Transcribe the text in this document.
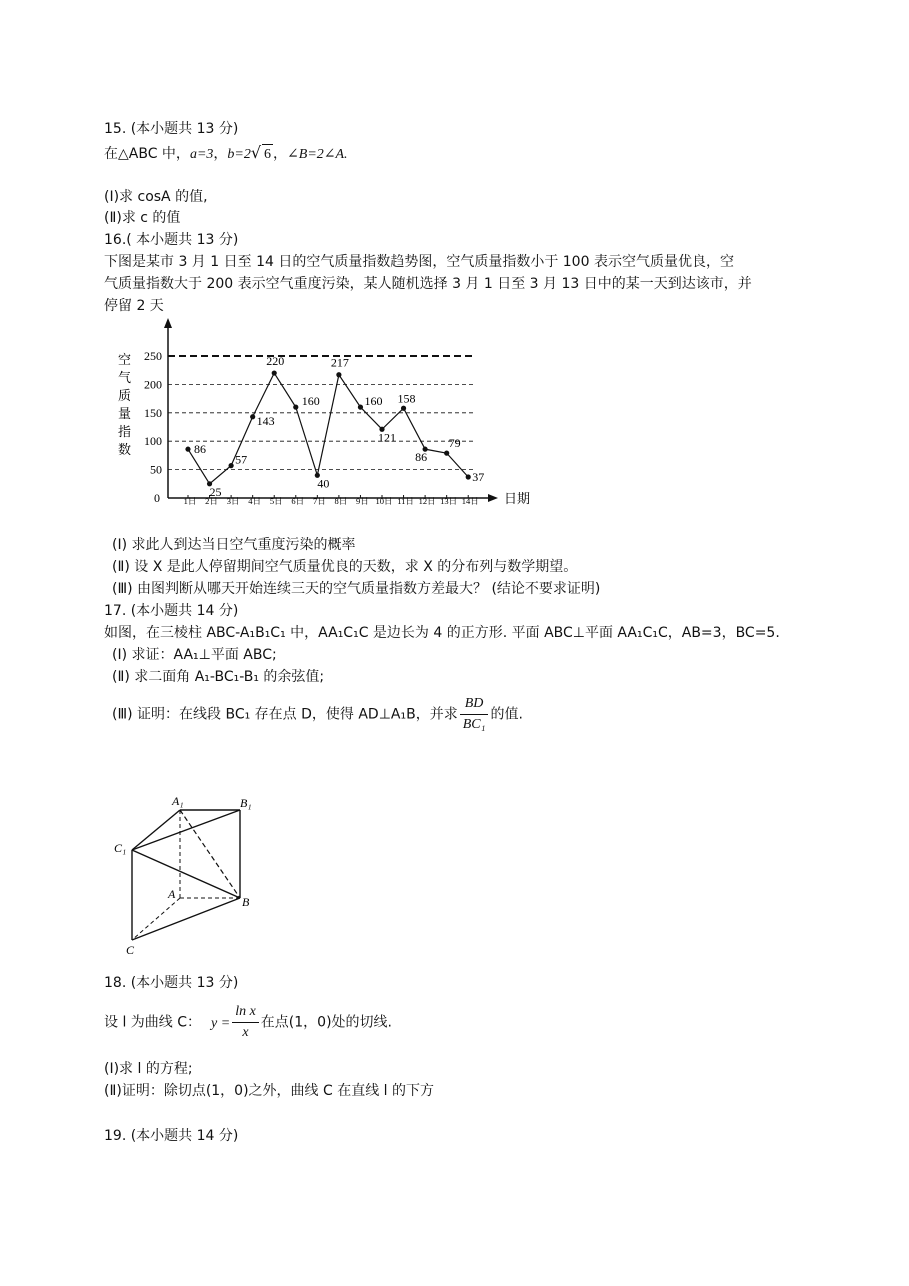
15. (本小题共 13 分)
在△ABC 中，a=3，b=2√ 6 ，∠B=2∠A.
(Ⅰ)求 cosA 的值,
(Ⅱ)求 c 的值
16.( 本小题共 13 分)
下图是某市 3 月 1 日至 14 日的空气质量指数趋势图，空气质量指数小于 100 表示空气质量优良，空
气质量指数大于 200 表示空气重度污染，某人随机选择 3 月 1 日至 3 月 13 日中的某一天到达该市，并
停留 2 天
50
100
150
200
250
0	日期
空
气
质
量
指
数
1日 2日 3日 4日 5日 6日 7日 8日 9日 10日 11日 12日 13日 14日
86
25
57
143
220
160
40
217
160
121
158
86
79
37
(Ⅰ) 求此人到达当日空气重度污染的概率
(Ⅱ) 设 X 是此人停留期间空气质量优良的天数，求 X 的分布列与数学期望。
(Ⅲ) 由图判断从哪天开始连续三天的空气质量指数方差最大？ (结论不要求证明)
17. (本小题共 14 分)
如图，在三棱柱 ABC-A₁B₁C₁ 中，AA₁C₁C 是边长为 4 的正方形. 平面 ABC⊥平面 AA₁C₁C，AB=3，BC=5.
(Ⅰ) 求证：AA₁⊥平面 ABC;
(Ⅱ) 求二面角 A₁-BC₁-B₁ 的余弦值;
(Ⅲ) 证明：在线段 BC₁ 存在点 D，使得 AD⊥A₁B，并求 $\frac{BD}{\text{BC₁}}$ 的值.
A₁	B₁
C₁
A
B
C
18. (本小题共 13 分)
设 l 为曲线 C： $y = \frac{\text{ln x}}{x}$ 在点(1，0)处的切线.
(Ⅰ)求 l 的方程;
(Ⅱ)证明：除切点(1，0)之外，曲线 C 在直线 l 的下方
19. (本小题共 14 分)
